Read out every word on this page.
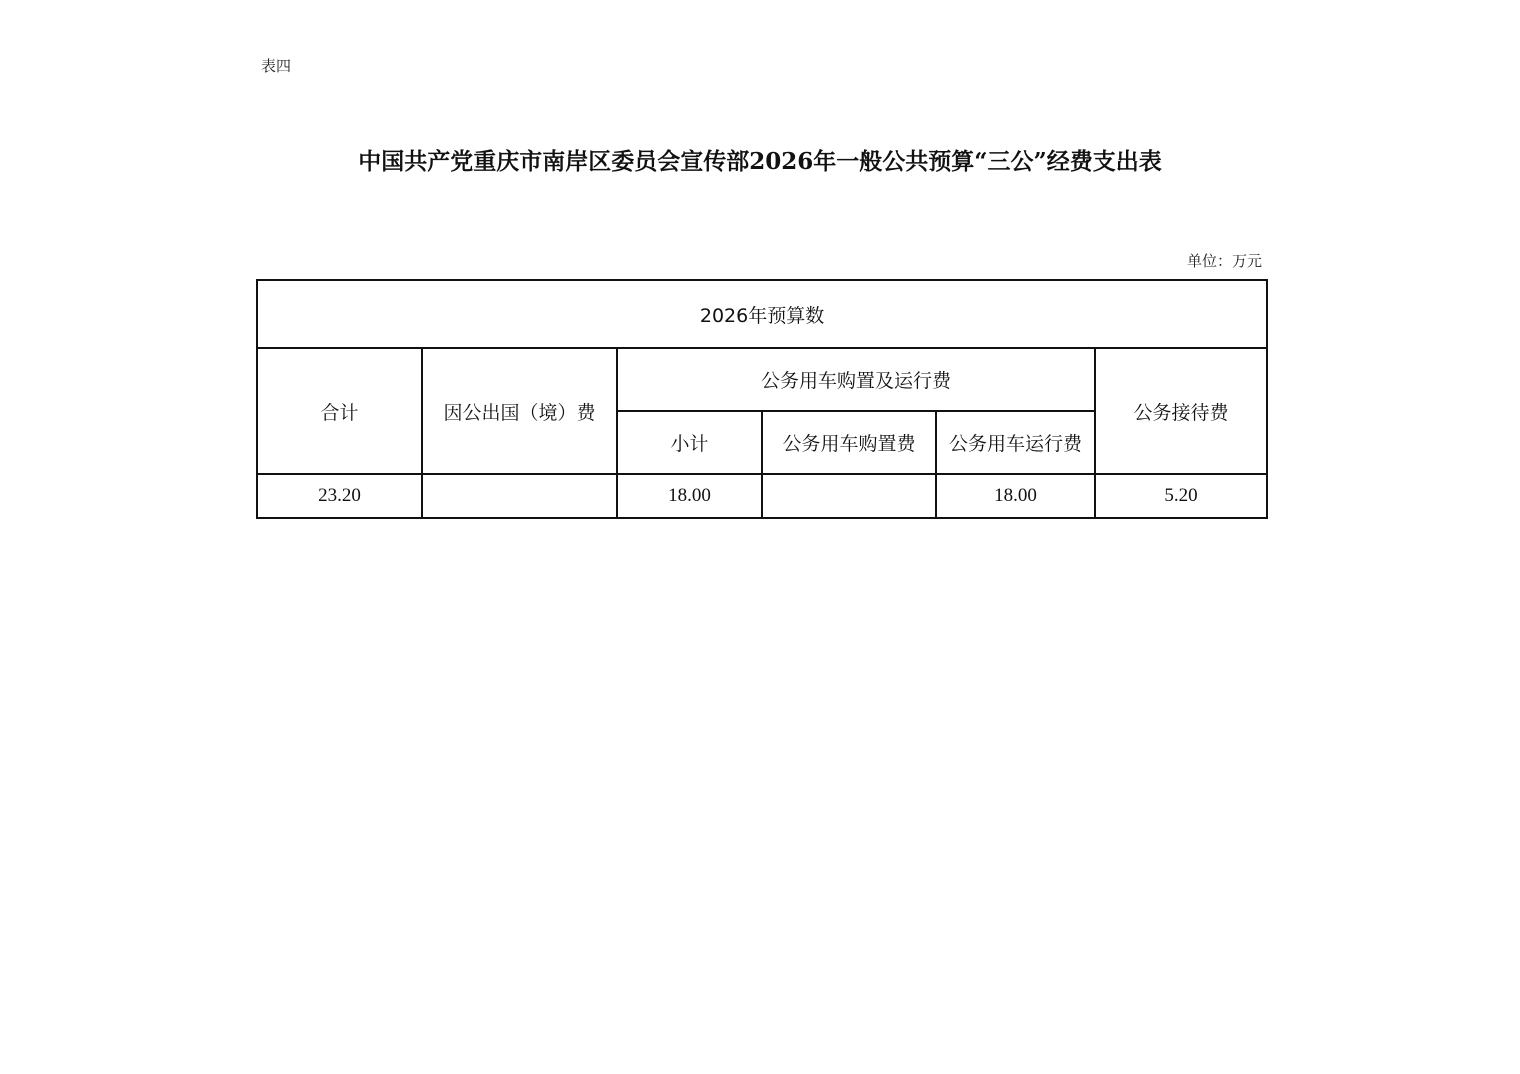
表四
中国共产党重庆市南岸区委员会宣传部2026年一般公共预算“三公”经费支出表
单位：万元
2026年预算数					
合计	因公出国（境）费	公务用车购置及运行费			公务接待费
		小计	公务用车购置费	公务用车运行费	
23.20		18.00		18.00	5.20
